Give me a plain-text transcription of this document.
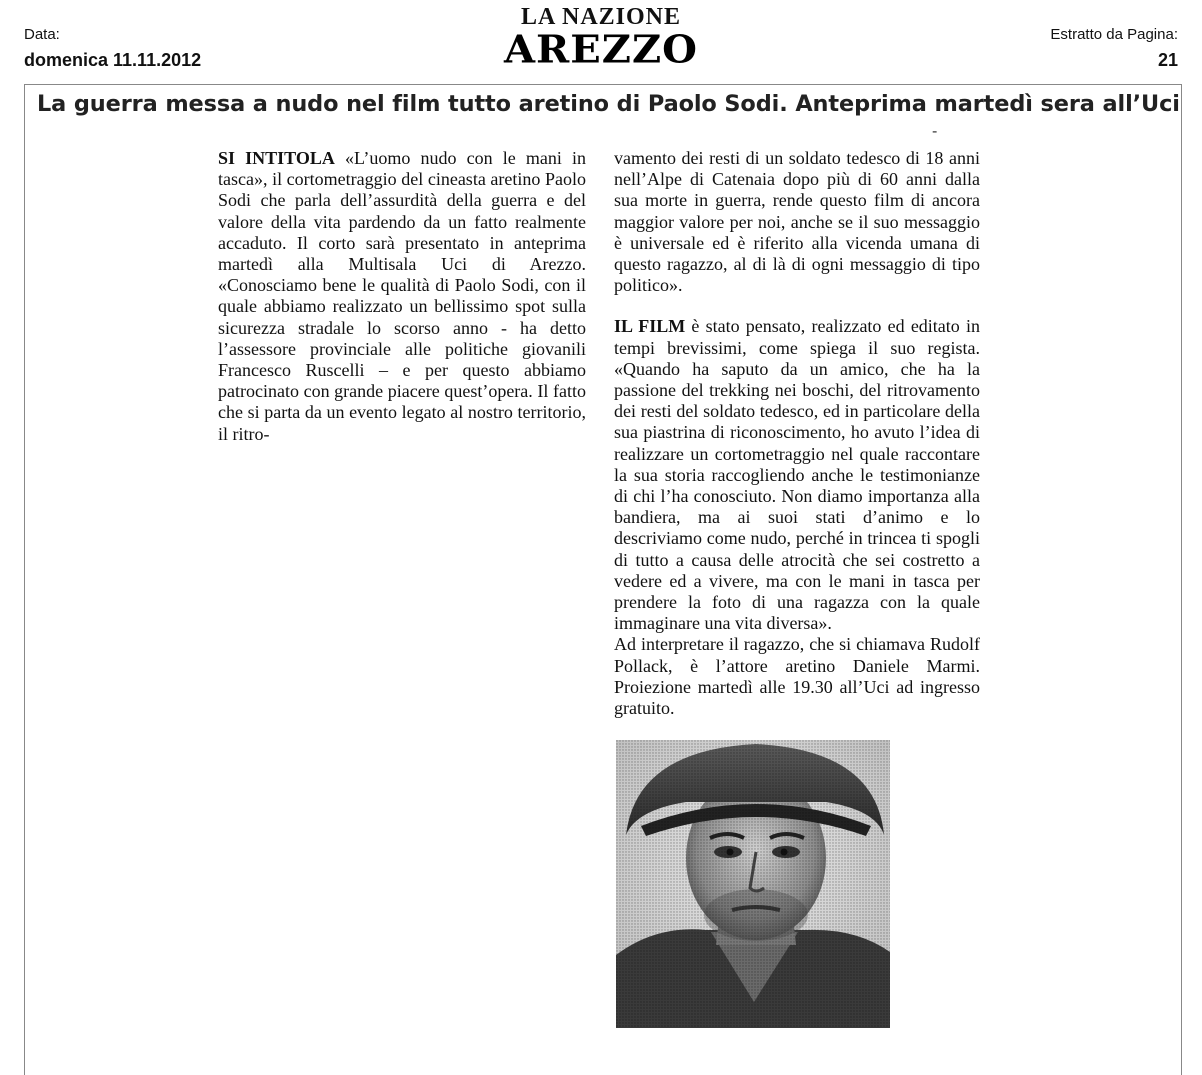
Data:
domenica 11.11.2012
LA NAZIONE
AREZZO	Estratto da Pagina:
21
La guerra messa a nudo nel film tutto aretino di Paolo Sodi. Anteprima martedì sera all’Uci
-

SI INTITOLA «L’uomo nudo con le mani in tasca», il cortometraggio del cineasta aretino Paolo Sodi che parla dell’assurdità della guerra e del valore della vita pardendo da un fatto realmente accaduto. Il corto sarà presentato in anteprima martedì alla Multisala Uci di Arezzo. «Conosciamo bene le qualità di Paolo Sodi, con il quale abbiamo realizzato un bellissimo spot sulla sicurezza stradale lo scorso anno - ha detto l’assessore provinciale alle politiche giovanili Francesco Ruscelli – e per questo abbiamo patrocinato con grande piacere quest’opera. Il fatto che si parta da un evento legato al nostro territorio, il ritro-

vamento dei resti di un soldato tedesco di 18 anni nell’Alpe di Catenaia dopo più di 60 anni dalla sua morte in guerra, rende questo film di ancora maggior valore per noi, anche se il suo messaggio è universale ed è riferito alla vicenda umana di questo ragazzo, al di là di ogni messaggio di tipo politico».

IL FILM è stato pensato, realizzato ed editato in tempi brevissimi, come spiega il suo regista. «Quando ha saputo da un amico, che ha la passione del trekking nei boschi, del ritrovamento dei resti del soldato tedesco, ed in particolare della sua piastrina di riconoscimento, ho avuto l’idea di realizzare un cortometraggio nel quale raccontare la sua storia raccogliendo anche le testimonianze di chi l’ha conosciuto. Non diamo importanza alla bandiera, ma ai suoi stati d’animo e lo descriviamo come nudo, perché in trincea ti spogli di tutto a causa delle atrocità che sei costretto a vedere ed a vivere, ma con le mani in tasca per prendere la foto di una ragazza con la quale immaginare una vita diversa».

Ad interpretare il ragazzo, che si chiamava Rudolf Pollack, è l’attore aretino Daniele Marmi. Proiezione martedì alle 19.30 all’Uci ad ingresso gratuito.
